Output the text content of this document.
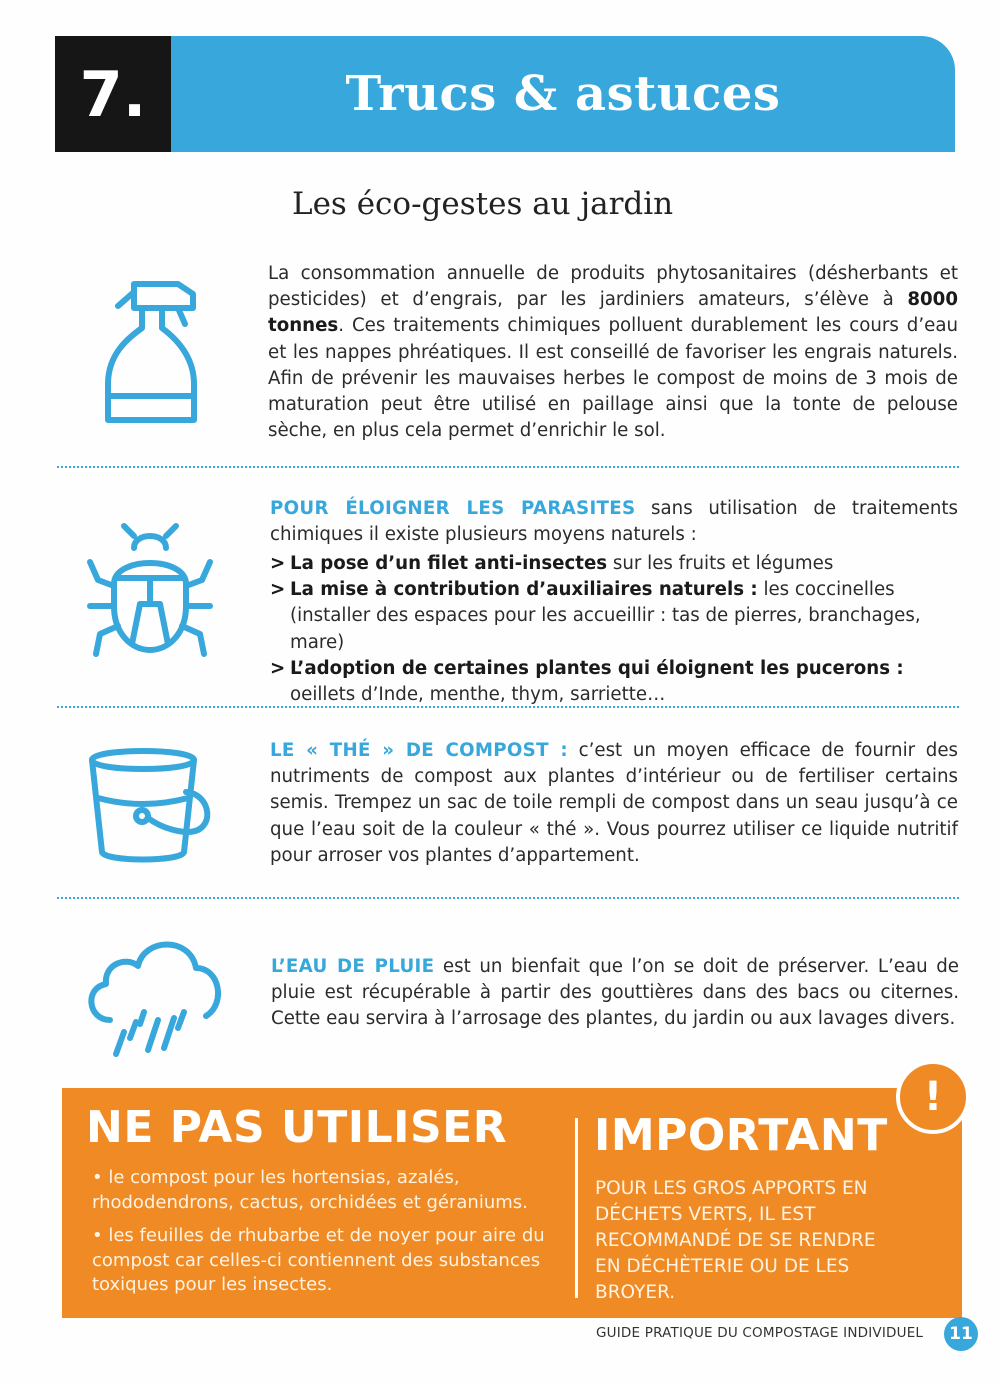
7.	Trucs & astuces
Les éco-gestes au jardin

La consommation annuelle de produits phytosanitaires (désherbants et pesticides) et d’engrais, par les jardiniers amateurs, s’élève à 8000 tonnes. Ces traitements chimiques polluent durablement les cours d’eau et les nappes phréatiques. Il est conseillé de favoriser les engrais naturels. Afin de prévenir les mauvaises herbes le compost de moins de 3 mois de maturation peut être utilisé en paillage ainsi que la tonte de pelouse sèche, en plus cela permet d’enrichir le sol.

POUR ÉLOIGNER LES PARASITES sans utilisation de traitements chimiques il existe plusieurs moyens naturels :

> La pose d’un filet anti-insectes sur les fruits et légumes
> La mise à contribution d’auxiliaires naturels : les coccinelles (installer des espaces pour les accueillir : tas de pierres, branchages, mare)
> L’adoption de certaines plantes qui éloignent les pucerons : oeillets d’Inde, menthe, thym, sarriette…

LE « THÉ » DE COMPOST : c’est un moyen efficace de fournir des nutriments de compost aux plantes d’intérieur ou de fertiliser certains semis. Trempez un sac de toile rempli de compost dans un seau jusqu’à ce que l’eau soit de la couleur « thé ». Vous pourrez utiliser ce liquide nutritif pour arroser vos plantes d’appartement.

L’EAU DE PLUIE est un bienfait que l’on se doit de préserver. L’eau de pluie est récupérable à partir des gouttières dans des bacs ou citernes. Cette eau servira à l’arrosage des plantes, du jardin ou aux lavages divers.

NE PAS UTILISER
• le compost pour les hortensias, azalés, rhododendrons, cactus, orchidées et géraniums.
• les feuilles de rhubarbe et de noyer pour aire du compost car celles-ci contiennent des substances toxiques pour les insectes.
IMPORTANT
POUR LES GROS APPORTS EN DÉCHETS VERTS, IL EST RECOMMANDÉ DE SE RENDRE EN DÉCHÈTERIE OU DE LES BROYER.
!
GUIDE PRATIQUE DU COMPOSTAGE INDIVIDUEL	11
